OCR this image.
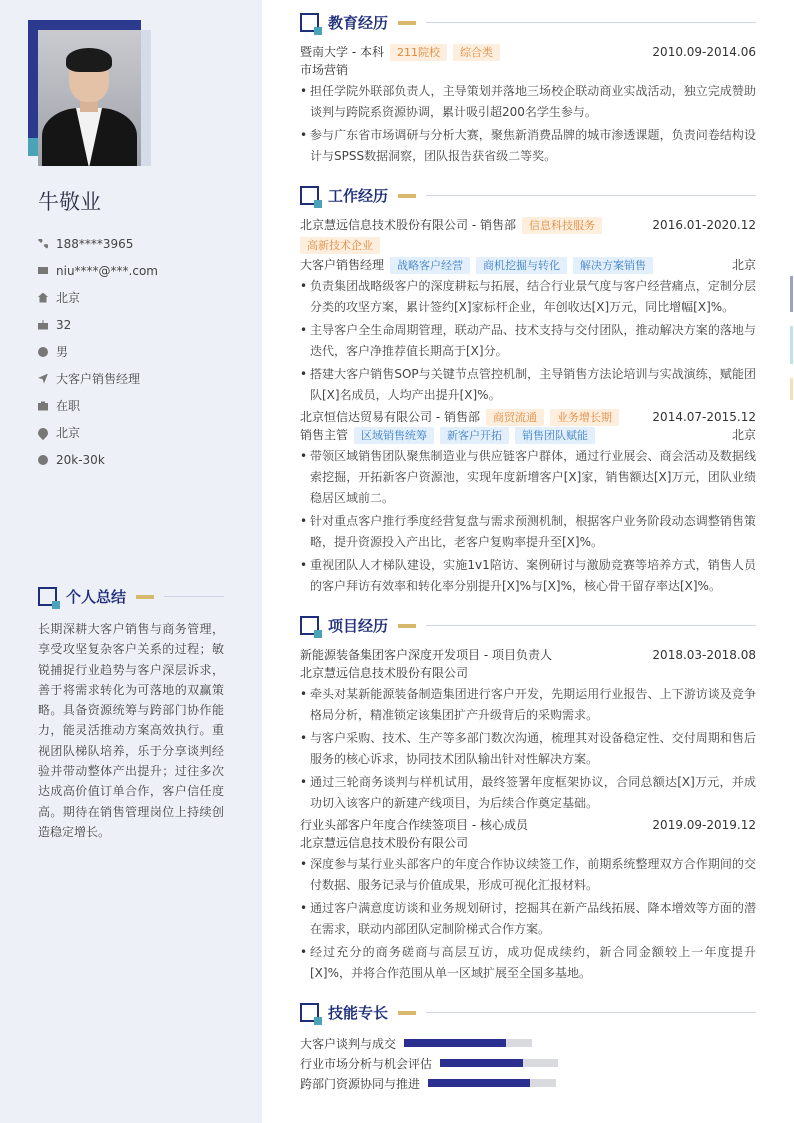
牛敬业
188****3965
niu****@***.com
北京
32
男
大客户销售经理
在职
北京
20k-30k
个人总结

长期深耕大客户销售与商务管理，享受攻坚复杂客户关系的过程；敏锐捕捉行业趋势与客户深层诉求，善于将需求转化为可落地的双赢策略。具备资源统筹与跨部门协作能力，能灵活推动方案高效执行。重视团队梯队培养，乐于分享谈判经验并带动整体产出提升；过往多次达成高价值订单合作，客户信任度高。期待在销售管理岗位上持续创造稳定增长。

教育经历
暨南大学 - 本科	211院校	综合类	2010.09-2014.06
市场营销
• 担任学院外联部负责人，主导策划并落地三场校企联动商业实战活动，独立完成赞助谈判与跨院系资源协调，累计吸引超200名学生参与。
• 参与广东省市场调研与分析大赛，聚焦新消费品牌的城市渗透课题，负责问卷结构设计与SPSS数据洞察，团队报告获省级二等奖。
工作经历
北京慧远信息技术股份有限公司 - 销售部	信息科技服务
高新技术企业
2016.01-2020.12
大客户销售经理	战略客户经营	商机挖掘与转化	解决方案销售	北京
• 负责集团战略级客户的深度耕耘与拓展，结合行业景气度与客户经营痛点，定制分层分类的攻坚方案，累计签约[X]家标杆企业，年创收达[X]万元，同比增幅[X]%。
• 主导客户全生命周期管理，联动产品、技术支持与交付团队，推动解决方案的落地与迭代，客户净推荐值长期高于[X]分。
• 搭建大客户销售SOP与关键节点管控机制，主导销售方法论培训与实战演练，赋能团队[X]名成员，人均产出提升[X]%。
北京恒信达贸易有限公司 - 销售部	商贸流通	业务增长期	2014.07-2015.12
销售主管	区域销售统筹	新客户开拓	销售团队赋能	北京
• 带领区域销售团队聚焦制造业与供应链客户群体，通过行业展会、商会活动及数据线索挖掘，开拓新客户资源池，实现年度新增客户[X]家，销售额达[X]万元，团队业绩稳居区域前二。
• 针对重点客户推行季度经营复盘与需求预测机制，根据客户业务阶段动态调整销售策略，提升资源投入产出比，老客户复购率提升至[X]%。
• 重视团队人才梯队建设，实施1v1陪访、案例研讨与激励竞赛等培养方式，销售人员的客户拜访有效率和转化率分别提升[X]%与[X]%，核心骨干留存率达[X]%。
项目经历
新能源装备集团客户深度开发项目 - 项目负责人	2018.03-2018.08
北京慧远信息技术股份有限公司
• 牵头对某新能源装备制造集团进行客户开发，先期运用行业报告、上下游访谈及竞争格局分析，精准锁定该集团扩产升级背后的采购需求。
• 与客户采购、技术、生产等多部门数次沟通，梳理其对设备稳定性、交付周期和售后服务的核心诉求，协同技术团队输出针对性解决方案。
• 通过三轮商务谈判与样机试用，最终签署年度框架协议，合同总额达[X]万元，并成功切入该客户的新建产线项目，为后续合作奠定基础。
行业头部客户年度合作续签项目 - 核心成员	2019.09-2019.12
北京慧远信息技术股份有限公司
• 深度参与某行业头部客户的年度合作协议续签工作，前期系统整理双方合作期间的交付数据、服务记录与价值成果，形成可视化汇报材料。
• 通过客户满意度访谈和业务规划研讨，挖掘其在新产品线拓展、降本增效等方面的潜在需求，联动内部团队定制阶梯式合作方案。
• 经过充分的商务磋商与高层互访，成功促成续约，新合同金额较上一年度提升[X]%，并将合作范围从单一区域扩展至全国多基地。
技能专长
大客户谈判与成交
行业市场分析与机会评估
跨部门资源协同与推进
